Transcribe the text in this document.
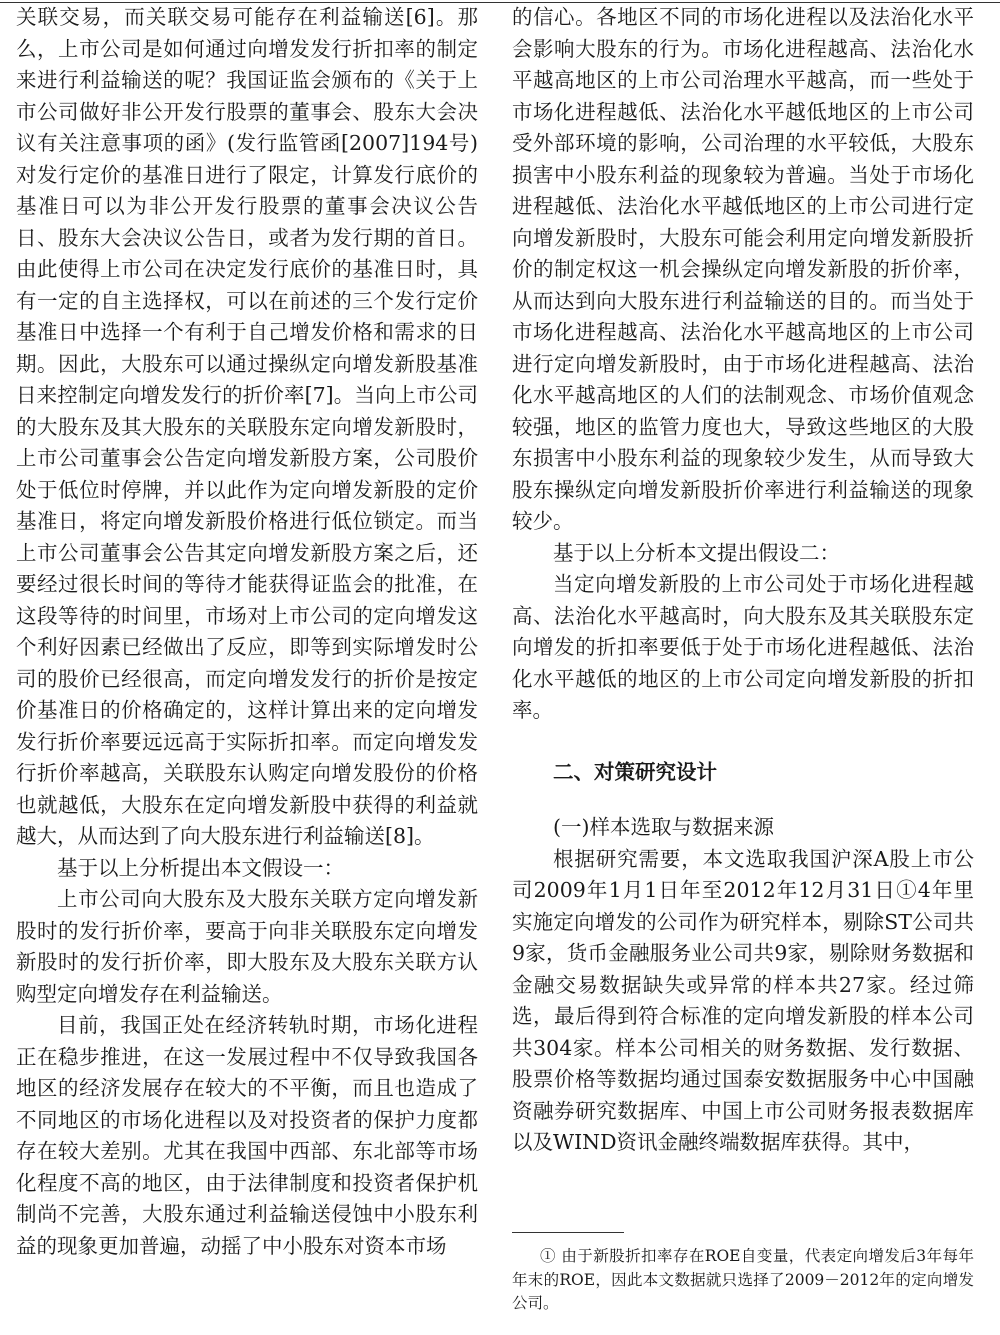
关联交易，而关联交易可能存在利益输送[6]。那么，上市公司是如何通过向增发发行折扣率的制定来进行利益输送的呢？我国证监会颁布的《关于上市公司做好非公开发行股票的董事会、股东大会决议有关注意事项的函》(发行监管函[2007]194号)对发行定价的基准日进行了限定，计算发行底价的基准日可以为非公开发行股票的董事会决议公告日、股东大会决议公告日，或者为发行期的首日。由此使得上市公司在决定发行底价的基准日时，具有一定的自主选择权，可以在前述的三个发行定价基准日中选择一个有利于自己增发价格和需求的日期。因此，大股东可以通过操纵定向增发新股基准日来控制定向增发发行的折价率[7]。当向上市公司的大股东及其大股东的关联股东定向增发新股时，上市公司董事会公告定向增发新股方案，公司股价处于低位时停牌，并以此作为定向增发新股的定价基准日，将定向增发新股价格进行低位锁定。而当上市公司董事会公告其定向增发新股方案之后，还要经过很长时间的等待才能获得证监会的批准，在这段等待的时间里，市场对上市公司的定向增发这个利好因素已经做出了反应，即等到实际增发时公司的股价已经很高，而定向增发发行的折价是按定价基准日的价格确定的，这样计算出来的定向增发发行折价率要远远高于实际折扣率。而定向增发发行折价率越高，关联股东认购定向增发股份的价格也就越低，大股东在定向增发新股中获得的利益就越大，从而达到了向大股东进行利益输送[8]。

基于以上分析提出本文假设一：

上市公司向大股东及大股东关联方定向增发新股时的发行折价率，要高于向非关联股东定向增发新股时的发行折价率，即大股东及大股东关联方认购型定向增发存在利益输送。

目前，我国正处在经济转轨时期，市场化进程正在稳步推进，在这一发展过程中不仅导致我国各地区的经济发展存在较大的不平衡，而且也造成了不同地区的市场化进程以及对投资者的保护力度都存在较大差别。尤其在我国中西部、东北部等市场化程度不高的地区，由于法律制度和投资者保护机制尚不完善，大股东通过利益输送侵蚀中小股东利益的现象更加普遍，动摇了中小股东对资本市场

的信心。各地区不同的市场化进程以及法治化水平会影响大股东的行为。市场化进程越高、法治化水平越高地区的上市公司治理水平越高，而一些处于市场化进程越低、法治化水平越低地区的上市公司受外部环境的影响，公司治理的水平较低，大股东损害中小股东利益的现象较为普遍。当处于市场化进程越低、法治化水平越低地区的上市公司进行定向增发新股时，大股东可能会利用定向增发新股折价的制定权这一机会操纵定向增发新股的折价率，从而达到向大股东进行利益输送的目的。而当处于市场化进程越高、法治化水平越高地区的上市公司进行定向增发新股时，由于市场化进程越高、法治化水平越高地区的人们的法制观念、市场价值观念较强，地区的监管力度也大，导致这些地区的大股东损害中小股东利益的现象较少发生，从而导致大股东操纵定向增发新股折价率进行利益输送的现象较少。

基于以上分析本文提出假设二：

当定向增发新股的上市公司处于市场化进程越高、法治化水平越高时，向大股东及其关联股东定向增发的折扣率要低于处于市场化进程越低、法治化水平越低的地区的上市公司定向增发新股的折扣率。

二、对策研究设计

(一)样本选取与数据来源

根据研究需要，本文选取我国沪深A股上市公司2009年1月1日年至2012年12月31日①4年里实施定向增发的公司作为研究样本，剔除ST公司共9家，货币金融服务业公司共9家，剔除财务数据和金融交易数据缺失或异常的样本共27家。经过筛选，最后得到符合标准的定向增发新股的样本公司共304家。样本公司相关的财务数据、发行数据、股票价格等数据均通过国泰安数据服务中心中国融资融券研究数据库、中国上市公司财务报表数据库以及WIND资讯金融终端数据库获得。其中，

① 由于新股折扣率存在ROE自变量，代表定向增发后3年每年年末的ROE，因此本文数据就只选择了2009－2012年的定向增发公司。
